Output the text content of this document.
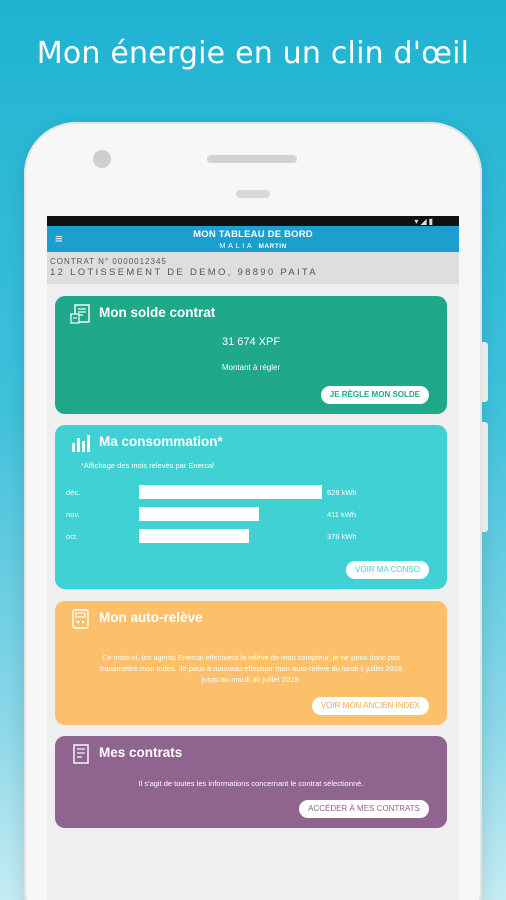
Mon énergie en un clin d'œil
▾◢▮
≡	MON TABLEAU DE BORD
MALIA MARTIN
CONTRAT N° 0000012345
12 LOTISSEMENT DE DEMO, 98890 PAITA
Mon solde contrat
31 674 XPF
Montant à régler
JE RÈGLE MON SOLDE
Ma consommation*
*Affichage des mois relevés par Enercal
déc.	628 kWh
nov.	411 kWh
oct.	376 kWh
VOIR MA CONSO
Mon auto-relève
Ce mois-ci, les agents Enercal effectuent la relève de mon compteur, je ne peux donc pas
transmettre mon index. Je peux à nouveau effectuer mon auto-relève du lundi 1 juillet 2019
jusqu'au mardi 30 juillet 2019.
VOIR MON ANCIEN INDEX
Mes contrats
Il s'agit de toutes les informations concernant le contrat sélectionné.
ACCÉDER À MES CONTRATS
